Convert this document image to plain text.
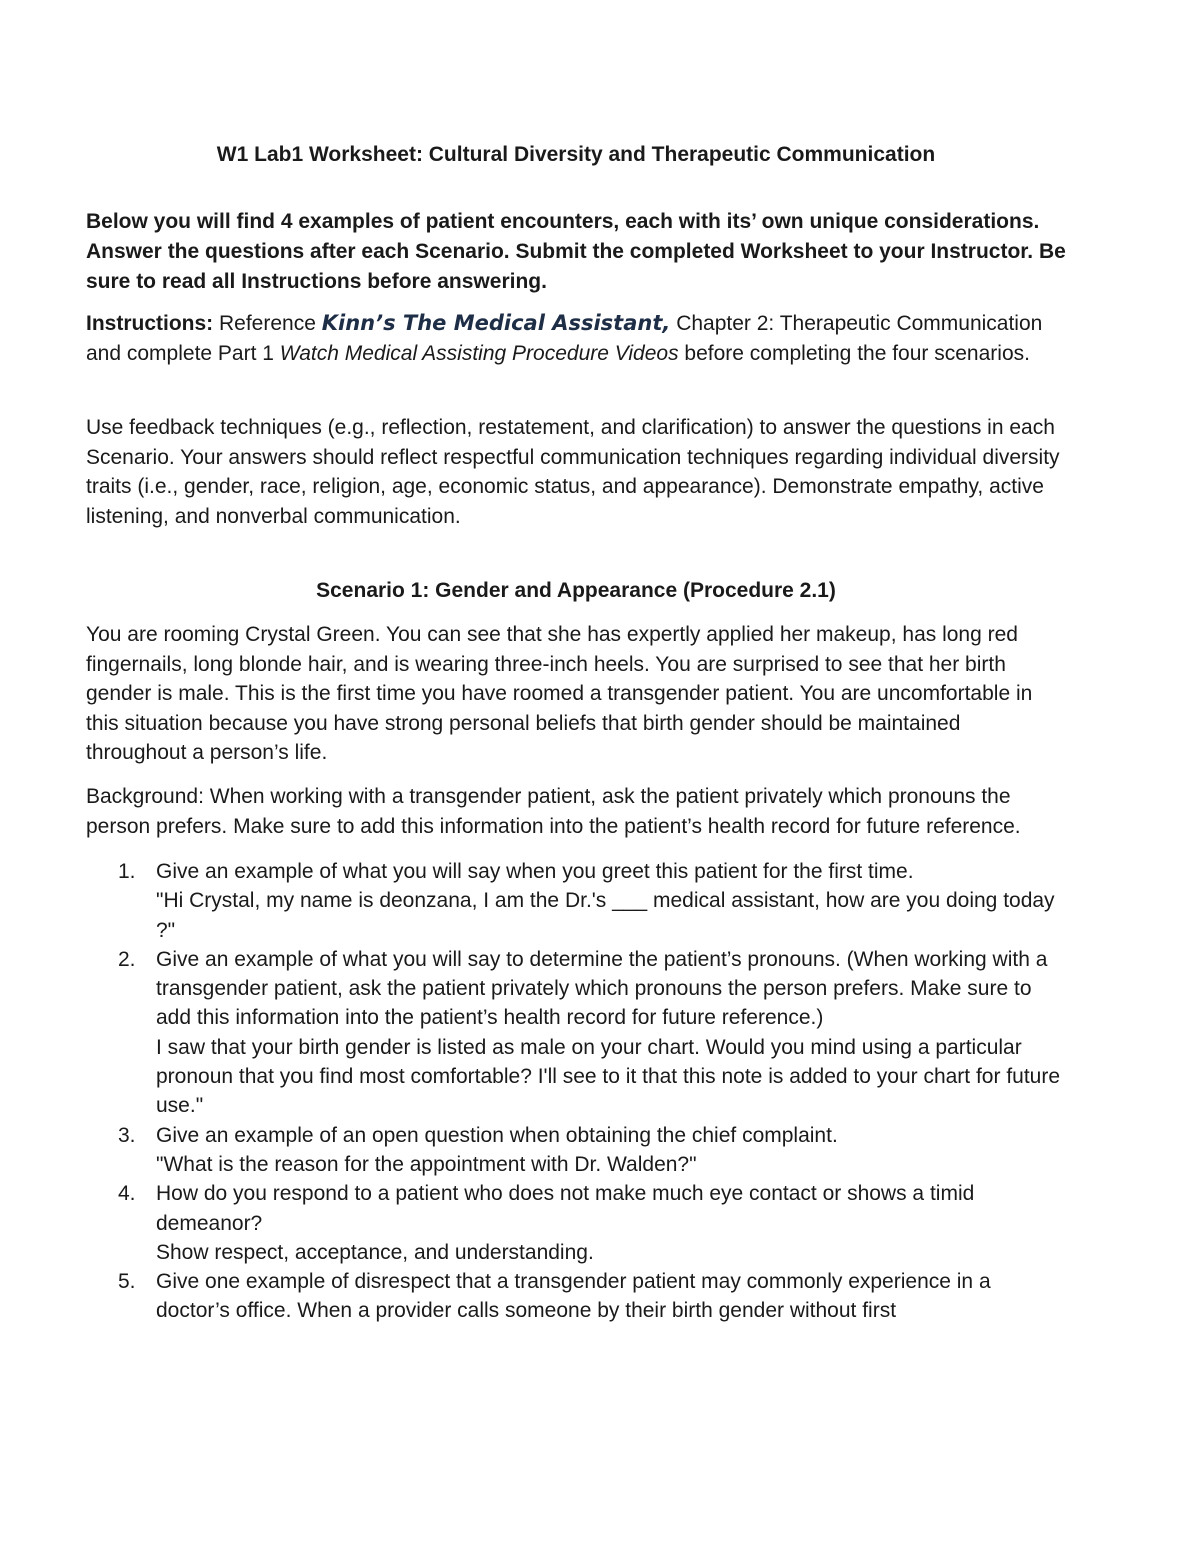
W1 Lab1 Worksheet: Cultural Diversity and Therapeutic Communication

Below you will find 4 examples of patient encounters, each with its’ own unique considerations. Answer the questions after each Scenario. Submit the completed Worksheet to your Instructor. Be sure to read all Instructions before answering.

Instructions: Reference Kinn’s The Medical Assistant, Chapter 2: Therapeutic Communication and complete Part 1 Watch Medical Assisting Procedure Videos before completing the four scenarios.

Use feedback techniques (e.g., reflection, restatement, and clarification) to answer the questions in each Scenario. Your answers should reflect respectful communication techniques regarding individual diversity traits (i.e., gender, race, religion, age, economic status, and appearance). Demonstrate empathy, active listening, and nonverbal communication.

Scenario 1: Gender and Appearance (Procedure 2.1)

You are rooming Crystal Green. You can see that she has expertly applied her makeup, has long red fingernails, long blonde hair, and is wearing three-inch heels. You are surprised to see that her birth gender is male. This is the first time you have roomed a transgender patient. You are uncomfortable in this situation because you have strong personal beliefs that birth gender should be maintained throughout a person’s life.

Background: When working with a transgender patient, ask the patient privately which pronouns the person prefers. Make sure to add this information into the patient’s health record for future reference.

1. Give an example of what you will say when you greet this patient for the first time.
"Hi Crystal, my name is deonzana, I am the Dr.'s ___ medical assistant, how are you doing today ?"
2. Give an example of what you will say to determine the patient’s pronouns. (When working with a transgender patient, ask the patient privately which pronouns the person prefers. Make sure to add this information into the patient’s health record for future reference.)
I saw that your birth gender is listed as male on your chart. Would you mind using a particular pronoun that you find most comfortable? I'll see to it that this note is added to your chart for future use."
3. Give an example of an open question when obtaining the chief complaint.
"What is the reason for the appointment with Dr. Walden?"
4. How do you respond to a patient who does not make much eye contact or shows a timid demeanor?
Show respect, acceptance, and understanding.
5. Give one example of disrespect that a transgender patient may commonly experience in a doctor’s office. When a provider calls someone by their birth gender without first
